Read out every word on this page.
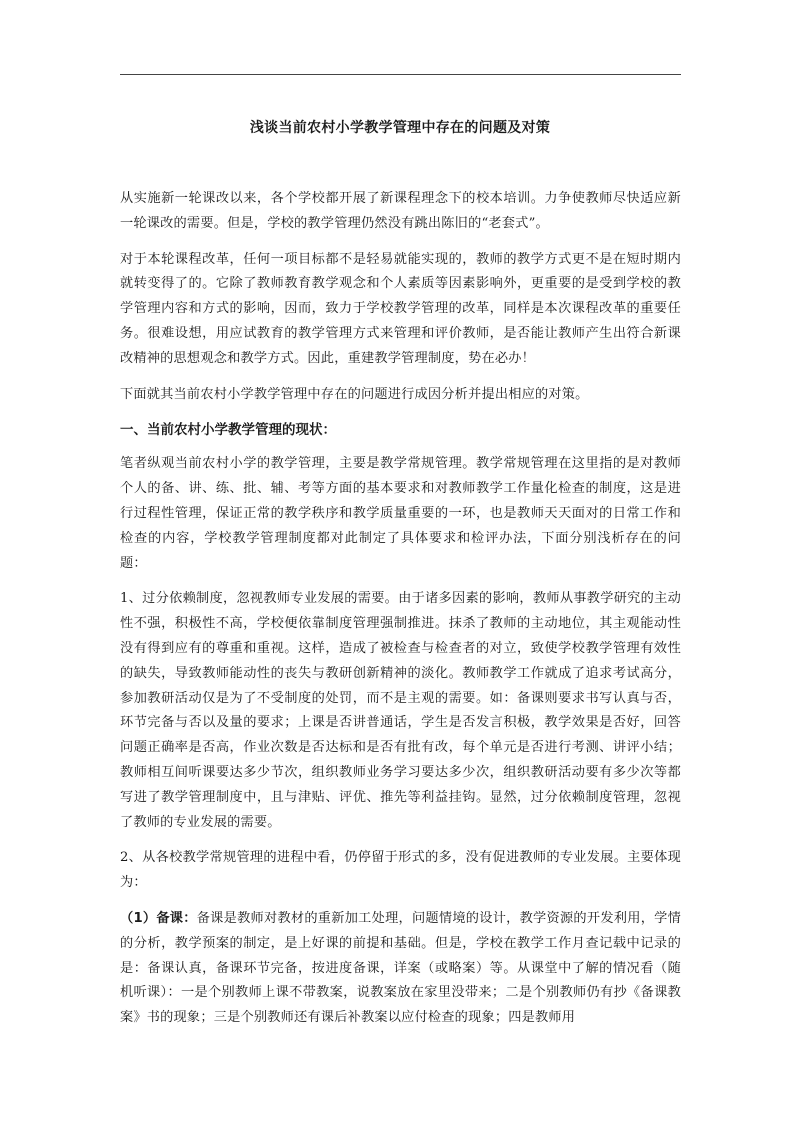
浅谈当前农村小学教学管理中存在的问题及对策

从实施新一轮课改以来，各个学校都开展了新课程理念下的校本培训。力争使教师尽快适应新一轮课改的需要。但是，学校的教学管理仍然没有跳出陈旧的“老套式”。

对于本轮课程改革，任何一项目标都不是轻易就能实现的，教师的教学方式更不是在短时期内就转变得了的。它除了教师教育教学观念和个人素质等因素影响外，更重要的是受到学校的教学管理内容和方式的影响，因而，致力于学校教学管理的改革，同样是本次课程改革的重要任务。很难设想，用应试教育的教学管理方式来管理和评价教师，是否能让教师产生出符合新课改精神的思想观念和教学方式。因此，重建教学管理制度，势在必办！

下面就其当前农村小学教学管理中存在的问题进行成因分析并提出相应的对策。

一、当前农村小学教学管理的现状：

笔者纵观当前农村小学的教学管理，主要是教学常规管理。教学常规管理在这里指的是对教师个人的备、讲、练、批、辅、考等方面的基本要求和对教师教学工作量化检查的制度，这是进行过程性管理，保证正常的教学秩序和教学质量重要的一环，也是教师天天面对的日常工作和检查的内容，学校教学管理制度都对此制定了具体要求和检评办法，下面分别浅析存在的问题：

1、过分依赖制度，忽视教师专业发展的需要。由于诸多因素的影响，教师从事教学研究的主动性不强，积极性不高，学校便依靠制度管理强制推进。抹杀了教师的主动地位，其主观能动性没有得到应有的尊重和重视。这样，造成了被检查与检查者的对立，致使学校教学管理有效性的缺失，导致教师能动性的丧失与教研创新精神的淡化。教师教学工作就成了追求考试高分，参加教研活动仅是为了不受制度的处罚，而不是主观的需要。如：备课则要求书写认真与否，环节完备与否以及量的要求；上课是否讲普通话，学生是否发言积极，教学效果是否好，回答问题正确率是否高，作业次数是否达标和是否有批有改，每个单元是否进行考测、讲评小结；教师相互间听课要达多少节次，组织教师业务学习要达多少次，组织教研活动要有多少次等都写进了教学管理制度中，且与津贴、评优、推先等利益挂钩。显然，过分依赖制度管理，忽视了教师的专业发展的需要。

2、从各校教学常规管理的进程中看，仍停留于形式的多，没有促进教师的专业发展。主要体现为：

（1）备课：备课是教师对教材的重新加工处理，问题情境的设计，教学资源的开发利用，学情的分析，教学预案的制定，是上好课的前提和基础。但是，学校在教学工作月查记载中记录的是：备课认真，备课环节完备，按进度备课，详案（或略案）等。从课堂中了解的情况看（随机听课）：一是个别教师上课不带教案，说教案放在家里没带来；二是个别教师仍有抄《备课教案》书的现象；三是个别教师还有课后补教案以应付检查的现象；四是教师用
